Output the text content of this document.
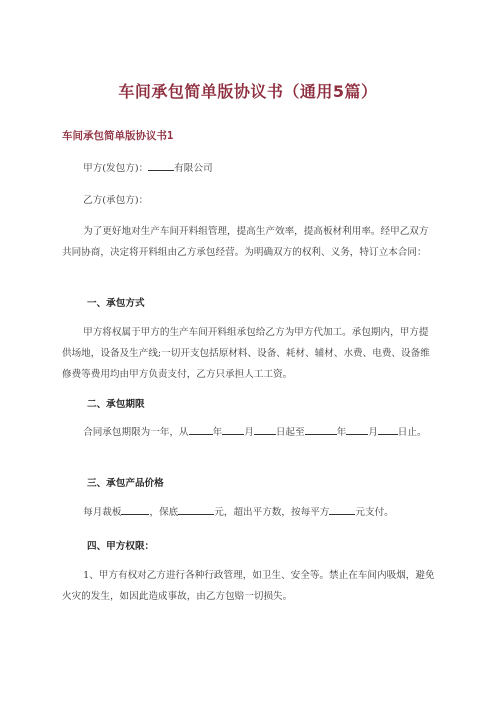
车间承包简单版协议书（通用5篇）
车间承包简单版协议书1
甲方(发包方)：	有限公司
乙方(承包方)：
为了更好地对生产车间开料组管理，提高生产效率，提高板材利用率。经甲乙双方共同协商，决定将开料组由乙方承包经营。为明确双方的权利、义务，特订立本合同：
一、承包方式
甲方将权属于甲方的生产车间开料组承包给乙方为甲方代加工。承包期内，甲方提供场地，设备及生产线;一切开支包括原材料、设备、耗材、辅材、水费、电费、设备维修费等费用均由甲方负责支付，乙方只承担人工工资。
二、承包期限
合同承包期限为一年，从	年 月 日起至	年 月 日止。
三、承包产品价格
每月裁板	，保底	元，超出平方数，按每平方	元支付。
四、甲方权限：
1、甲方有权对乙方进行各种行政管理，如卫生、安全等。禁止在车间内吸烟，避免火灾的发生，如因此造成事故，由乙方包赔一切损失。
